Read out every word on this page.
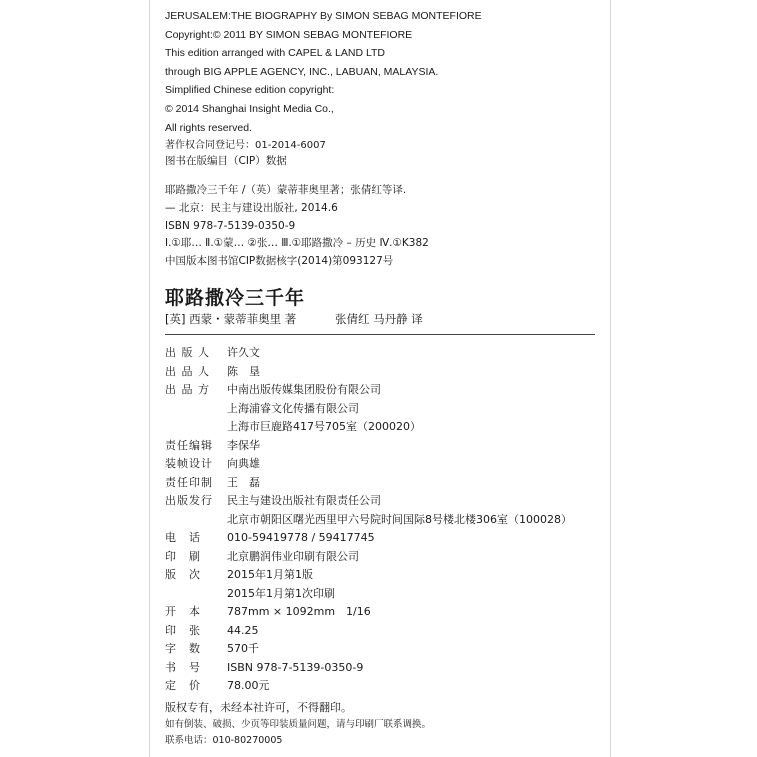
JERUSALEM:THE BIOGRAPHY By SIMON SEBAG MONTEFIORE
Copyright:© 2011 BY SIMON SEBAG MONTEFIORE
This edition arranged with CAPEL & LAND LTD
through BIG APPLE AGENCY, INC., LABUAN, MALAYSIA.
Simplified Chinese edition copyright:
© 2014 Shanghai Insight Media Co.,
All rights reserved.
著作权合同登记号：01-2014-6007
图书在版编目（CIP）数据
耶路撒冷三千年 /（英）蒙蒂菲奥里著；张倩红等译.
— 北京：民主与建设出版社, 2014.6
ISBN 978-7-5139-0350-9
Ⅰ.①耶… Ⅱ.①蒙… ②张… Ⅲ.①耶路撒冷 – 历史 Ⅳ.①K382
中国版本图书馆CIP数据核字(2014)第093127号
耶路撒冷三千年
[英] 西蒙・蒙蒂菲奥里 著	张倩红 马丹静 译
出 版 人	许久文
出 品 人	陈　垦
出 品 方	中南出版传媒集团股份有限公司
上海浦睿文化传播有限公司
上海市巨鹿路417号705室（200020）
责任编辑	李保华
装帧设计	向典雄
责任印制	王　磊
出版发行	民主与建设出版社有限责任公司
北京市朝阳区曙光西里甲六号院时间国际8号楼北楼306室（100028）
电　话	010-59419778 / 59417745
印　刷	北京鹏润伟业印刷有限公司
版　次	2015年1月第1版
2015年1月第1次印刷
开　本	787mm × 1092mm　1/16
印　张	44.25
字　数	570千
书　号	ISBN 978-7-5139-0350-9
定　价	78.00元
版权专有，未经本社许可，不得翻印。
如有倒装、破损、少页等印装质量问题，请与印刷厂联系调换。
联系电话：010-80270005
